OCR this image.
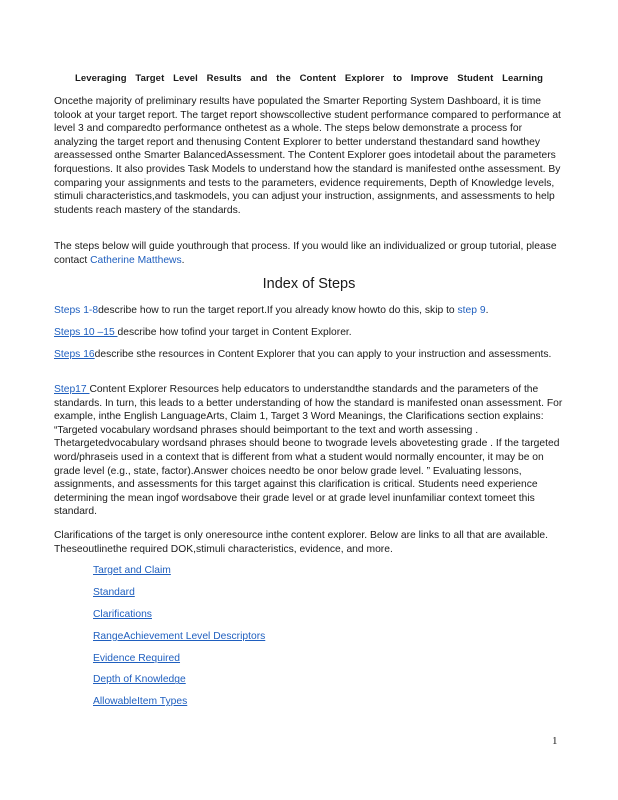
Leveraging Target Level Results and the Content Explorer to Improve Student Learning

Oncethe majority of preliminary results have populated the Smarter Reporting System Dashboard, it is time tolook at your target report. The target report showscollective student performance compared to performance at level 3 and comparedto performance onthetest as a whole. The steps below demonstrate a process for analyzing the target report and thenusing Content Explorer to better understand thestandard sand howthey areassessed onthe Smarter BalancedAssessment. The Content Explorer goes intodetail about the parameters forquestions. It also provides Task Models to understand how the standard is manifested onthe assessment. By comparing your assignments and tests to the parameters, evidence requirements, Depth of Knowledge levels, stimuli characteristics,and taskmodels, you can adjust your instruction, assignments, and assessments to help students reach mastery of the standards.

The steps below will guide youthrough that process. If you would like an individualized or group tutorial, please contact Catherine Matthews.

Index of Steps

Steps 1-8describe how to run the target report.If you already know howto do this, skip to step 9.

Steps 10 –15 describe how tofind your target in Content Explorer.

Steps 16describe sthe resources in Content Explorer that you can apply to your instruction and assessments.

Step17 Content Explorer Resources help educators to understandthe standards and the parameters of the standards. In turn, this leads to a better understanding of how the standard is manifested onan assessment. For example, inthe English LanguageArts, Claim 1, Target 3 Word Meanings, the Clarifications section explains: “Targeted vocabulary wordsand phrases should beimportant to the text and worth assessing . Thetargetedvocabulary wordsand phrases should beone to twograde levels abovetesting grade . If the targeted word/phraseis used in a context that is different from what a student would normally encounter, it may be on grade level (e.g., state, factor).Answer choices needto be onor below grade level. ” Evaluating lessons, assignments, and assessments for this target against this clarification is critical. Students need experience determining the mean ingof wordsabove their grade level or at grade level inunfamiliar context tomeet this standard.

Clarifications of the target is only oneresource inthe content explorer. Below are links to all that are available. Theseoutlinethe required DOK,stimuli characteristics, evidence, and more.

Target and Claim
Standard
Clarifications
RangeAchievement Level Descriptors
Evidence Required
Depth of Knowledge
AllowableItem Types
1
